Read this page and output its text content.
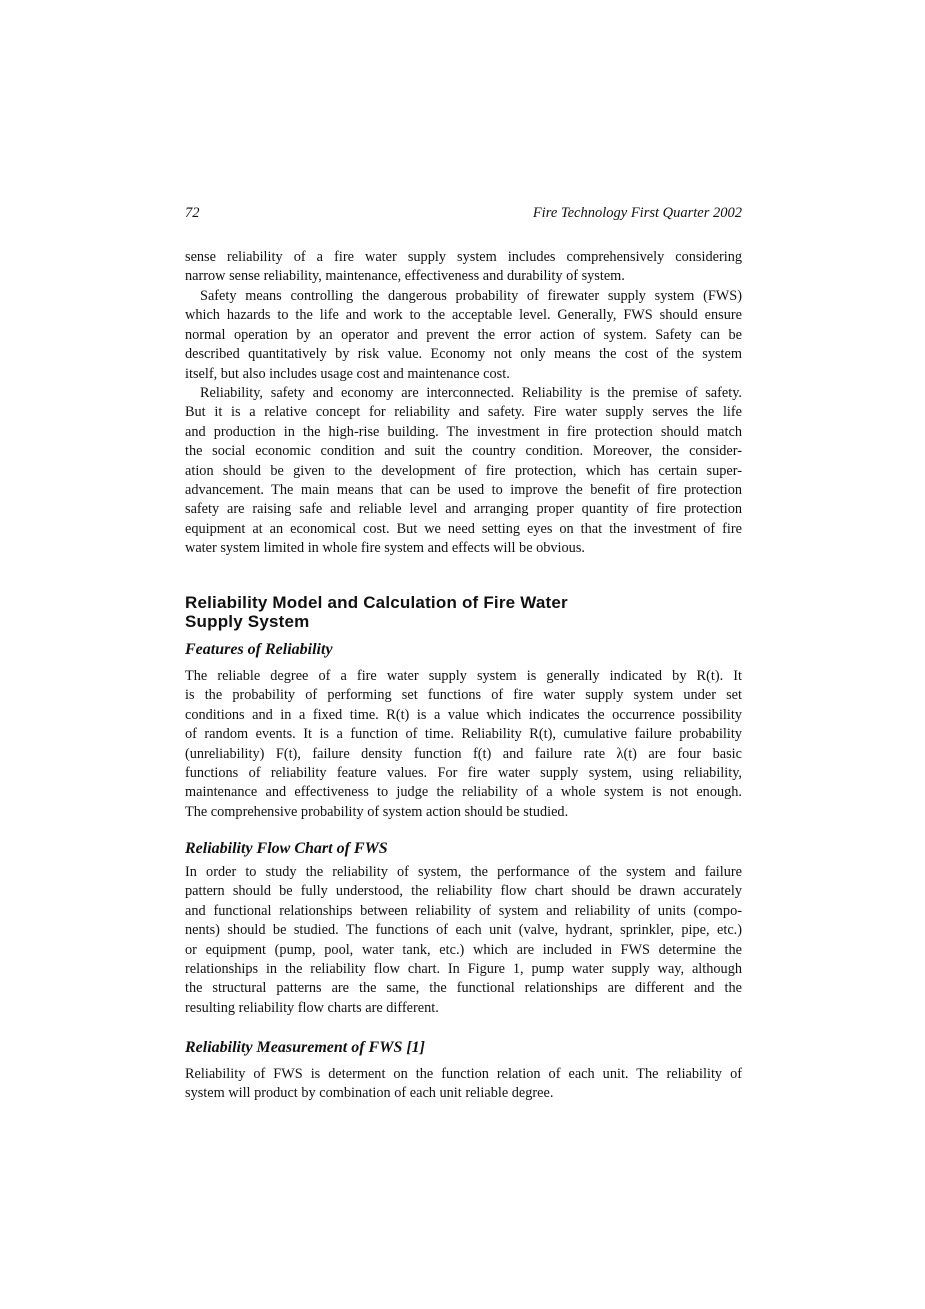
72	Fire Technology First Quarter 2002
sense reliability of a fire water supply system includes comprehensively considering
narrow sense reliability, maintenance, effectiveness and durability of system.
Safety means controlling the dangerous probability of firewater supply system (FWS)
which hazards to the life and work to the acceptable level. Generally, FWS should ensure
normal operation by an operator and prevent the error action of system. Safety can be
described quantitatively by risk value. Economy not only means the cost of the system
itself, but also includes usage cost and maintenance cost.
Reliability, safety and economy are interconnected. Reliability is the premise of safety.
But it is a relative concept for reliability and safety. Fire water supply serves the life
and production in the high-rise building. The investment in fire protection should match
the social economic condition and suit the country condition. Moreover, the consider-
ation should be given to the development of fire protection, which has certain super-
advancement. The main means that can be used to improve the benefit of fire protection
safety are raising safe and reliable level and arranging proper quantity of fire protection
equipment at an economical cost. But we need setting eyes on that the investment of fire
water system limited in whole fire system and effects will be obvious.
Reliability Model and Calculation of Fire Water
Supply System
Features of Reliability
The reliable degree of a fire water supply system is generally indicated by R(t). It
is the probability of performing set functions of fire water supply system under set
conditions and in a fixed time. R(t) is a value which indicates the occurrence possibility
of random events. It is a function of time. Reliability R(t), cumulative failure probability
(unreliability) F(t), failure density function f(t) and failure rate λ(t) are four basic
functions of reliability feature values. For fire water supply system, using reliability,
maintenance and effectiveness to judge the reliability of a whole system is not enough.
The comprehensive probability of system action should be studied.
Reliability Flow Chart of FWS
In order to study the reliability of system, the performance of the system and failure
pattern should be fully understood, the reliability flow chart should be drawn accurately
and functional relationships between reliability of system and reliability of units (compo-
nents) should be studied. The functions of each unit (valve, hydrant, sprinkler, pipe, etc.)
or equipment (pump, pool, water tank, etc.) which are included in FWS determine the
relationships in the reliability flow chart. In Figure 1, pump water supply way, although
the structural patterns are the same, the functional relationships are different and the
resulting reliability flow charts are different.
Reliability Measurement of FWS [1]
Reliability of FWS is determent on the function relation of each unit. The reliability of
system will product by combination of each unit reliable degree.
